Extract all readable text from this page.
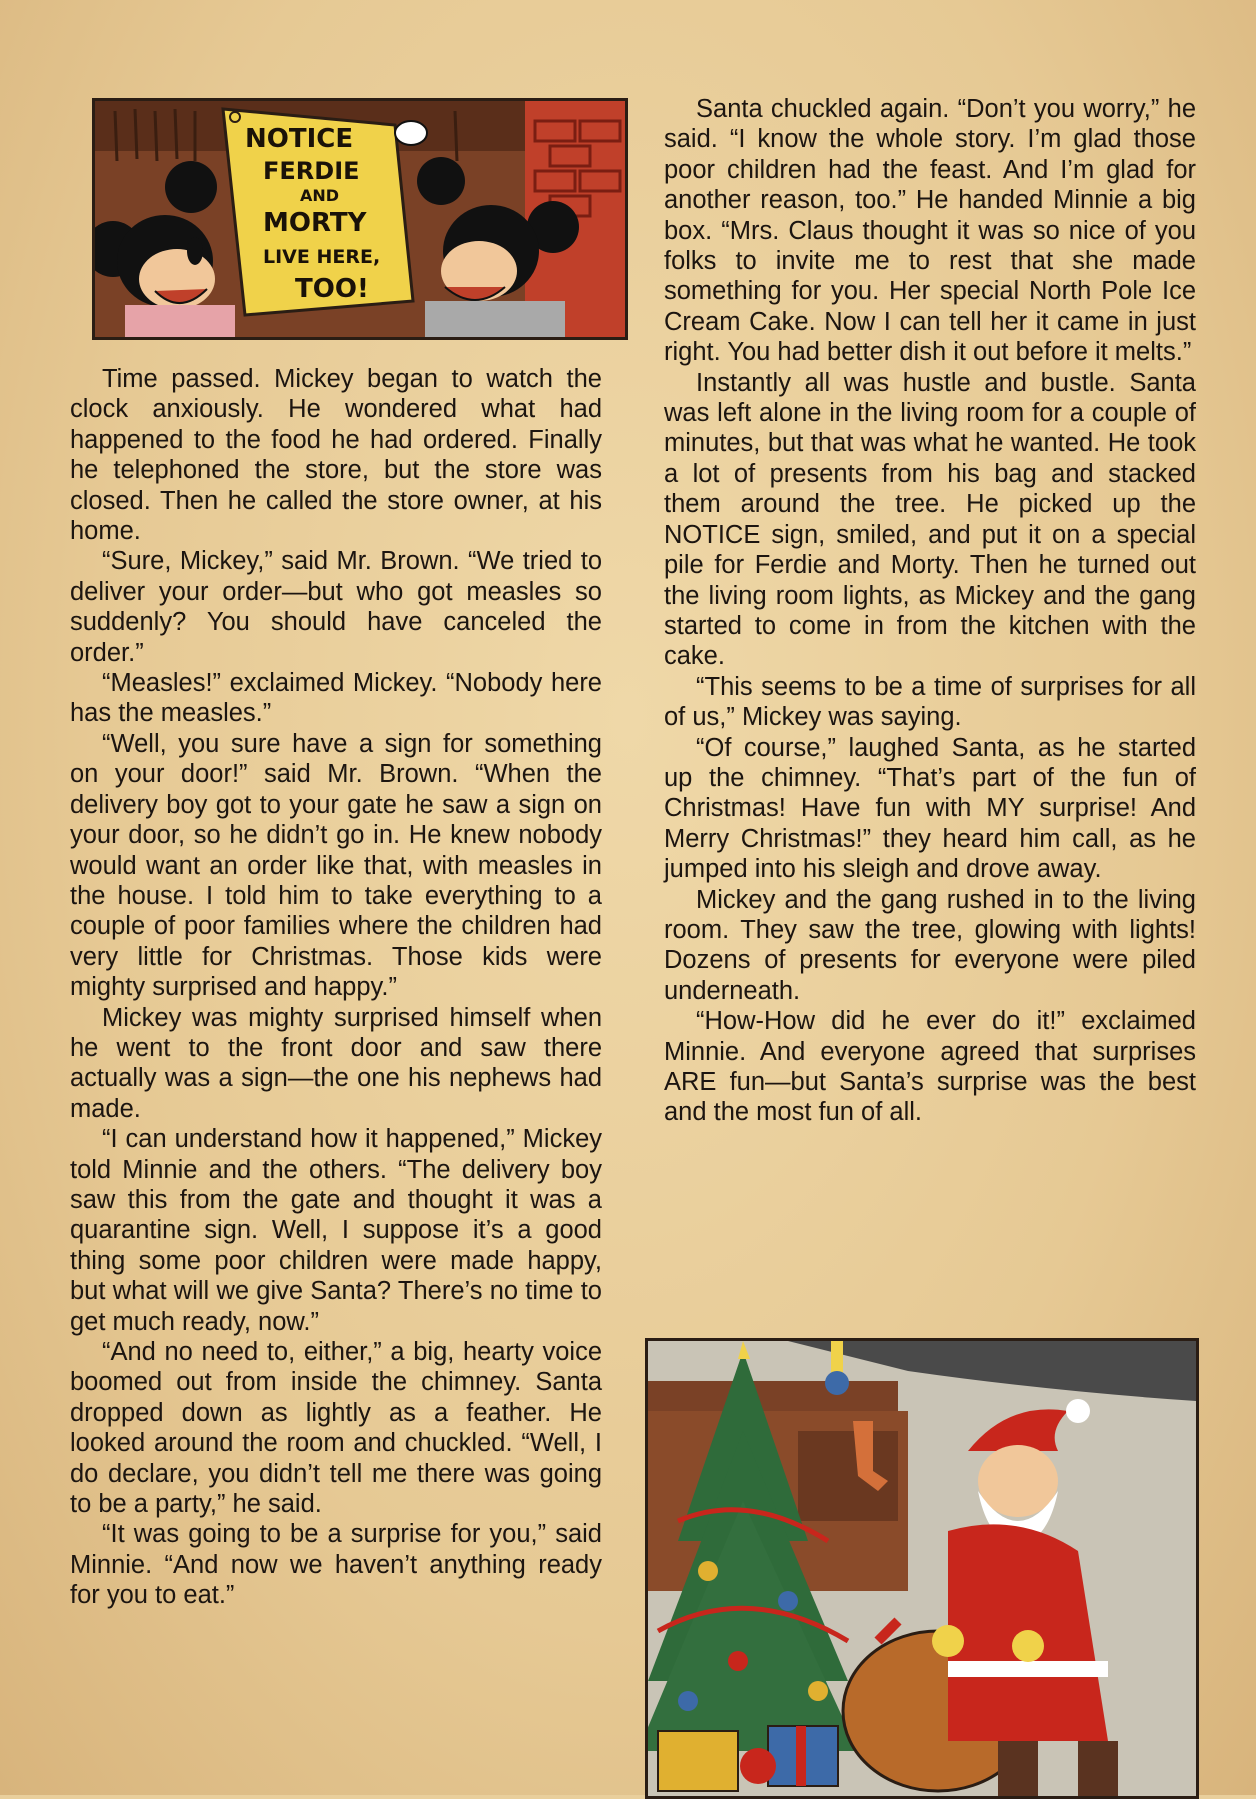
NOTICE
FERDIE
AND
MORTY
LIVE HERE,
TOO!

Time passed. Mickey began to watch the clock anxiously. He wondered what had happened to the food he had ordered. Finally he telephoned the store, but the store was closed. Then he called the store owner, at his home.

“Sure, Mickey,” said Mr. Brown. “We tried to deliver your order—but who got measles so suddenly? You should have canceled the order.”

“Measles!” exclaimed Mickey. “Nobody here has the measles.”

“Well, you sure have a sign for something on your door!” said Mr. Brown. “When the delivery boy got to your gate he saw a sign on your door, so he didn’t go in. He knew nobody would want an order like that, with measles in the house. I told him to take everything to a couple of poor families where the children had very little for Christmas. Those kids were mighty surprised and happy.”

Mickey was mighty surprised himself when he went to the front door and saw there actually was a sign—the one his nephews had made.

“I can understand how it happened,” Mickey told Minnie and the others. “The delivery boy saw this from the gate and thought it was a quarantine sign. Well, I suppose it’s a good thing some poor children were made happy, but what will we give Santa? There’s no time to get much ready, now.”

“And no need to, either,” a big, hearty voice boomed out from inside the chimney. Santa dropped down as lightly as a feather. He looked around the room and chuckled. “Well, I do declare, you didn’t tell me there was going to be a party,” he said.

“It was going to be a surprise for you,” said Minnie. “And now we haven’t anything ready for you to eat.”

Santa chuckled again. “Don’t you worry,” he said. “I know the whole story. I’m glad those poor children had the feast. And I’m glad for another reason, too.” He handed Minnie a big box. “Mrs. Claus thought it was so nice of you folks to invite me to rest that she made something for you. Her special North Pole Ice Cream Cake. Now I can tell her it came in just right. You had better dish it out before it melts.”

Instantly all was hustle and bustle. Santa was left alone in the living room for a couple of minutes, but that was what he wanted. He took a lot of presents from his bag and stacked them around the tree. He picked up the NOTICE sign, smiled, and put it on a special pile for Ferdie and Morty. Then he turned out the living room lights, as Mickey and the gang started to come in from the kitchen with the cake.

“This seems to be a time of surprises for all of us,” Mickey was saying.

“Of course,” laughed Santa, as he started up the chimney. “That’s part of the fun of Christmas! Have fun with MY surprise! And Merry Christmas!” they heard him call, as he jumped into his sleigh and drove away.

Mickey and the gang rushed in to the living room. They saw the tree, glowing with lights! Dozens of presents for everyone were piled underneath.

“How-How did he ever do it!” exclaimed Minnie. And everyone agreed that surprises ARE fun—but Santa’s surprise was the best and the most fun of all.
